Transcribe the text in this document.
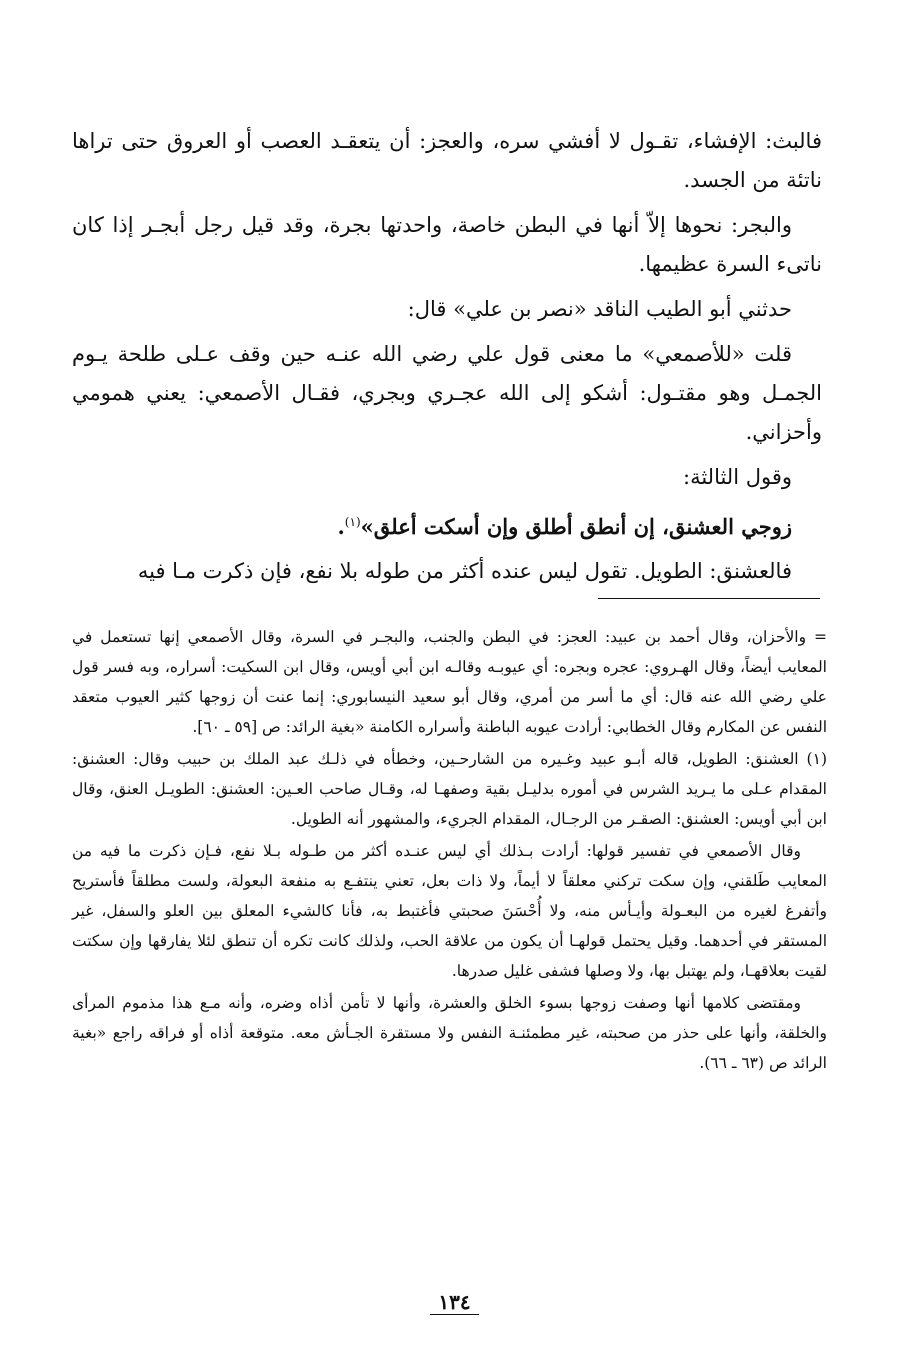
فالبث: الإفشاء، تقـول لا أفشي سره، والعجز: أن يتعقـد العصب أو العروق حتى تراها ناتئة من الجسد.

والبجر: نحوها إلاّ أنها في البطن خاصة، واحدتها بجرة، وقد قيل رجل أبجـر إذا كان ناتىء السرة عظيمها.

حدثني أبو الطيب الناقد «نصر بن علي» قال:

قلت «للأصمعي» ما معنى قول علي رضي الله عنـه حين وقف عـلى طلحة يـوم الجمـل وهو مقتـول: أشكو إلى الله عجـري وبجري، فقـال الأصمعي: يعني همومي وأحزاني.

وقول الثالثة:

زوجي العشنق، إن أنطق أطلق وإن أسكت أعلق»$^{(١)}$.

فالعشنق: الطويل. تقول ليس عنده أكثر من طوله بلا نفع، فإن ذكرت مـا فيه

= والأحزان، وقال أحمد بن عبيد: العجز: في البطن والجنب، والبجـر في السرة، وقال الأصمعي إنها تستعمل في المعايب أيضاً، وقال الهـروي: عجره وبجره: أي عيوبـه وقالـه ابن أبي أويس، وقال ابن السكيت: أسراره، وبه فسر قول علي رضي الله عنه قال: أي ما أسر من أمري، وقال أبو سعيد النيسابوري: إنما عنت أن زوجها كثير العيوب متعقد النفس عن المكارم وقال الخطابي: أرادت عيوبه الباطنة وأسراره الكامنة «بغية الرائد: ص [٥٩ ـ ٦٠].

(١) العشنق: الطويل، قاله أبـو عبيد وغـيره من الشارحـين، وخطأه في ذلـك عبد الملك بن حبيب وقال: العشنق: المقدام عـلى ما يـريد الشرس في أموره بدليـل بقية وصفهـا له، وقـال صاحب العـين: العشنق: الطويـل العنق، وقال ابن أبي أويس: العشنق: الصقـر من الرجـال، المقدام الجريء، والمشهور أنه الطويل.

وقال الأصمعي في تفسير قولها: أرادت بـذلك أي ليس عنـده أكثر من طـوله بـلا نفع، فـإن ذكرت ما فيه من المعايب طَلقني، وإن سكت تركني معلقاً لا أيماً، ولا ذات بعل، تعني ينتفـع به منفعة البعولة، ولست مطلقاً فأستريح وأتفرغ لغيره من البعـولة وأيـأس منه، ولا أُحْسَنَ صحبتي فأغتبط به، فأنا كالشيء المعلق بين العلو والسفل، غير المستقر في أحدهما. وقيل يحتمل قولهـا أن يكون من علاقة الحب، ولذلك كانت تكره أن تنطق لئلا يفارقها وإن سكتت لقيت بعلاقهـا، ولم يهتبل بها، ولا وصلها فشفى غليل صدرها.

ومقتضى كلامها أنها وصفت زوجها بسوء الخلق والعشرة، وأنها لا تأمن أذاه وضره، وأنه مـع هذا مذموم المرأى والخلقة، وأنها على حذر من صحبته، غير مطمئنـة النفس ولا مستقرة الجـأش معه. متوقعة أذاه أو فراقه راجع «بغية الرائد ص (٦٣ ـ ٦٦).

١٣٤
